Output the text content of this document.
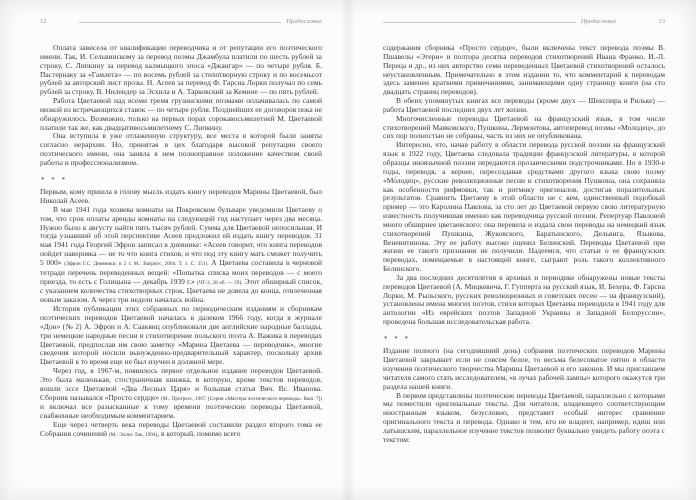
12	Предисловие

Оплата зависела от квалификации переводчика и от репутации его поэтического имени. Так, И. Сельвинскому за перевод поэмы Джамбула платили по шесть рублей за строку, С. Липкину за перевод калмыцкого эпоса «Джангар» — по четыре рубля. Б. Пастернаку за «Гамлета» — по восемь рублей за стихотворную строку и по восемьсот рублей за авторский лист прозы. Н. Асеев за перевод Ф. Гарсиа Лорки получал по семь рублей за строку, В. Нилендер за Эсхила и А. Тарковский за Кемине — по пять рублей.

Работа Цветаевой над всеми тремя грузинскими поэмами оплачивалась по самой низкой из встречающихся ставок — по четыре рубля. Позднейших ее договоров пока не обнаружилось. Возможно, только на первых порах сорокавосьмилетней М. Цветаевой платили так же, как двадцативосьмилетнему С. Липкину.

Она вступила в уже отлаженную структуру, все места в которой были заняты согласно иерархии. Но, принятая в цех благодаря высокой репутации своего поэтического имени, она заняла в нем полноправное положение качеством своей работы и профессионализмом.

* * *

Первым, кому пришла в голову мысль издать книгу переводов Марины Цветаевой, был Николай Асеев.

В мае 1941 года хозяева комнаты на Покровском бульваре уведомили Цветаеву о том, что срок оплаты аренды комнаты на следующий год наступает через два месяца. Нужно было к августу найти пять тысяч рублей. Сумма для Цветаевой непосильная. И тогда узнавший об этой перспективе Асеев предложил ей издать книгу переводов. 31 мая 1941 года Георгий Эфрон записал в дневнике: «Асеев говорит, что книга переводов пойдет наверняка — не то что книга стихов, и что под эту книгу мать сможет получить 5 000» (Эфрон Г.С. Дневники: в 2 т. М.: Вагриус, 2004. Т. 1. С. 351). А Цветаева составила в черновой тетради перечень переведенных вещей: «Попытка списка моих переводов — с моего приезда, то есть с Голицына — декабрь 1939 г.» (ЧТ-3, 28 об. — 29). Этот обширный список, с указанием количества стихотворных строк, Цветаева не довела до конца, отвлеченная новым заказом. А через три недели началась война.

История публикации этих собранных по периодическим изданиям и сборникам поэтических переводов Цветаевой началась в далеком 1966 году, когда в журнале «Дон» (№ 2) А. Эфрон и А. Саакянц опубликовали две английские народные баллады, три немецкие народные песни и стихотворение польского поэта А. Важика в переводах Цветаевой, предпослав им свою заметку «Марина Цветаева — переводчик», многие сведения которой носили вынужденно-предварительный характер, поскольку архив Цветаевой в то время еще не был изучен в должной мере.

Через год, в 1967-м, появилось первое отдельное издание переводов Цветаевой. Это была маленькая, стостраничная книжка, в которую, кроме текстов переводов, вошли эссе Цветаевой «Два Лесных Царя» и большая статья Вяч. Вс. Иванова. Сборник назывался «Просто сердце» (М.: Прогресс, 1967. [Серия «Мастера поэтического перевода». Вып. 7]) и включал все разысканные к тому времени поэтические переводы Цветаевой, снабженные необходимым комментарием.

Еще через четверть века переводы Цветаевой составили раздел второго тома ее Собрания сочинений (М.: Эллис Лак, 1994), в который, помимо всего

Предисловие	13

содержания сборника «Просто сердце», были включены текст перевода поэмы В. Пшавелы «Этери» и полтора десятка переводов стихотворений Ивана Франко, И.-Л. Переца и др., из них авторство семи переведенных Цветаевой стихотворений осталось неустановленным. Примечательно в этом издании то, что комментарий к переводам здесь заменен краткими примечаниями, занимающими одну страницу книги (на сто двадцать страниц переводов).

В обеих упомянутых книгах все переводы (кроме двух — Шекспира и Рильке) — работа Цветаевой последних двух лет жизни.

Многочисленные переводы Цветаевой на французский язык, в том числе стихотворений Маяковского, Пушкина, Лермонтова, автоперевод поэмы «Мо́лодец», до сих пор полностью не собраны, часть из них не опубликована.

Интересно, что, начав работу в области перевода русской поэзии на французский язык в 1922 году, Цветаева следовала традиции французской литературы, в которой образцы иноязычной поэзии передаются прозаическими подстрочниками. Но в 1930-е годы, переводя, а вернее, пересоздавая средствами другого языка свою поэму «Мо́лодец», русские революционные песни и стихотворения Пушкина, она сохраняла как особенности рифмовки, так и ритмику оригиналов, достигая поразительных результатов. Сравнить Цветаеву в этой области не с кем, единственный подобный пример — это Каролина Павлова, за сто лет до Цветаевой первую свою литературную известность получившая именно как переводчица русской поэзии. Репертуар Павловой много обширнее цветаевского: она перевела и издала свои переводы на немецкий язык стихотворений Пушкина, Жуковского, Баратынского, Дельвига, Языкова, Веневитинова. Эту ее работу высоко оценил Белинский. Переводы Цветаевой при жизни ее такого признания не получили. Надеемся, что статьи о ее французских переводах, помещаемые в настоящей книге, сыграют роль такого коллективного Белинского.

За два последних десятилетия в архивах и периодике обнаружены новые тексты переводов Цветаевой (А. Мицкевича, Г. Гупперта на русский язык, И. Бехера, Ф. Гарсиа Лорки, М. Рыльского, русских революционных и советских песен — на французский), установлены имена многих поэтов, стихи которых Цветаева переводила в 1941 году для антологии «Из еврейских поэтов Западной Украины и Западной Белоруссии», проведена большая исследовательская работа.

* * *

Издание полного (на сегодняшний день) собрания поэтических переводов Марины Цветаевой закрывает если не совсем белое, то весьма белесоватое пятно в области изучения поэтического творчества Марины Цветаевой и его законов. И мы приглашаем читателя самого стать исследователем, «в лучах рабочей лампы» которого окажутся три раздела нашей книги.

В первом представлены поэтические переводы Цветаевой, параллельно с которыми мы поместили оригинальные тексты. Для читателя, владеющего соответствующим иностранным языком, безусловно, представит особый интерес сравнение оригинального текста и перевода. Однако и тем, кто не владеет, например, идиш или латышским, параллельное изучение текстов позволит буквально увидеть работу поэта с текстом:
